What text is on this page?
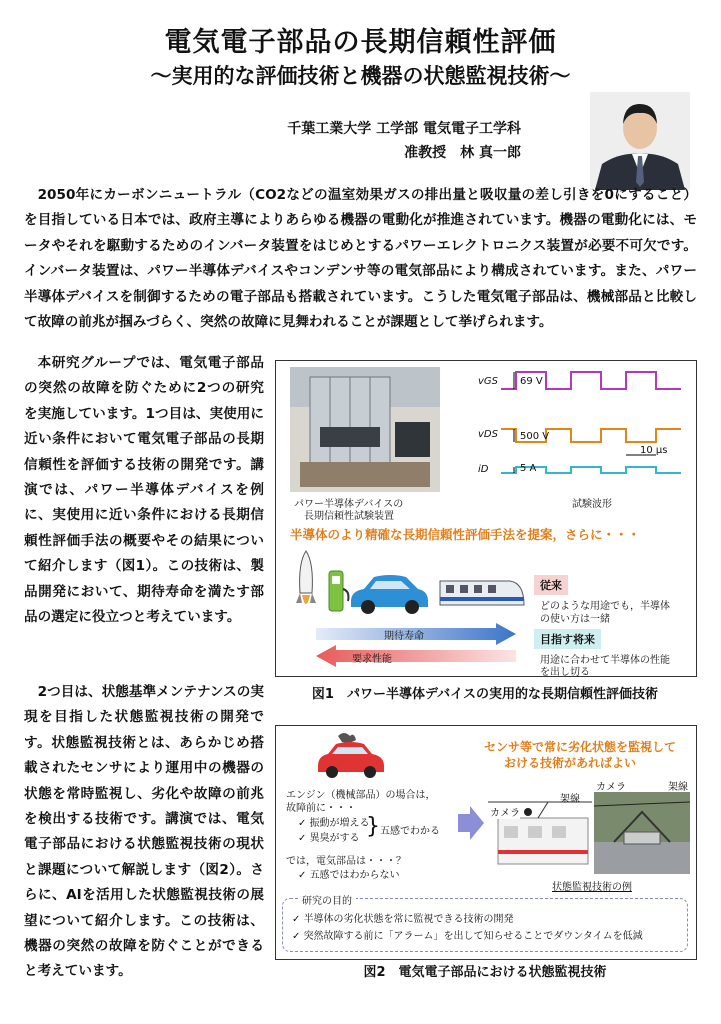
電気電子部品の長期信頼性評価
～実用的な評価技術と機器の状態監視技術～
千葉工業大学 工学部 電気電子工学科
准教授　林 真一郎
2050年にカーボンニュートラル（CO2などの温室効果ガスの排出量と吸収量の差し引きを0にすること）を目指している日本では、政府主導によりあらゆる機器の電動化が推進されています。機器の電動化には、モータやそれを駆動するためのインバータ装置をはじめとするパワーエレクトロニクス装置が必要不可欠です。インバータ装置は、パワー半導体デバイスやコンデンサ等の電気部品により構成されています。また、パワー半導体デバイスを制御するための電子部品も搭載されています。こうした電気電子部品は、機械部品と比較して故障の前兆が掴みづらく、突然の故障に見舞われることが課題として挙げられます。
本研究グループでは、電気電子部品の突然の故障を防ぐために2つの研究を実施しています。1つ目は、実使用に近い条件において電気電子部品の長期信頼性を評価する技術の開発です。講演では、パワー半導体デバイスを例に、実使用に近い条件における長期信頼性評価手法の概要やその結果について紹介します（図1）。この技術は、製品開発において、期待寿命を満たす部品の選定に役立つと考えています。
2つ目は、状態基準メンテナンスの実現を目指した状態監視技術の開発です。状態監視技術とは、あらかじめ搭載されたセンサにより運用中の機器の状態を常時監視し、劣化や故障の前兆を検出する技術です。講演では、電気電子部品における状態監視技術の現状と課題について解説します（図2）。さらに、AIを活用した状態監視技術の展望について紹介します。この技術は、機器の突然の故障を防ぐことができると考えています。
パワー半導体デバイスの
長期信頼性試験装置
vGS
vDS
iD
69 V
500 V
5 A
10 μs
試験波形
半導体のより精確な長期信頼性評価手法を提案，さらに・・・
期待寿命
要求性能
従来
どのような用途でも，半導体
の使い方は一緒
目指す将来
用途に合わせて半導体の性能
を出し切る
図1　パワー半導体デバイスの実用的な長期信頼性評価技術
センサ等で常に劣化状態を監視して
おける技術があればよい
エンジン（機械部品）の場合は，
故障前に・・・
✓ 振動が増える
✓ 異臭がする } 五感でわかる
では，電気部品は・・・？
✓ 五感ではわからない
カメラ
架線
カメラ	架線
状態監視技術の例
研究の目的
✓ 半導体の劣化状態を常に監視できる技術の開発
✓ 突然故障する前に「アラーム」を出して知らせることでダウンタイムを低減
図2　電気電子部品における状態監視技術
